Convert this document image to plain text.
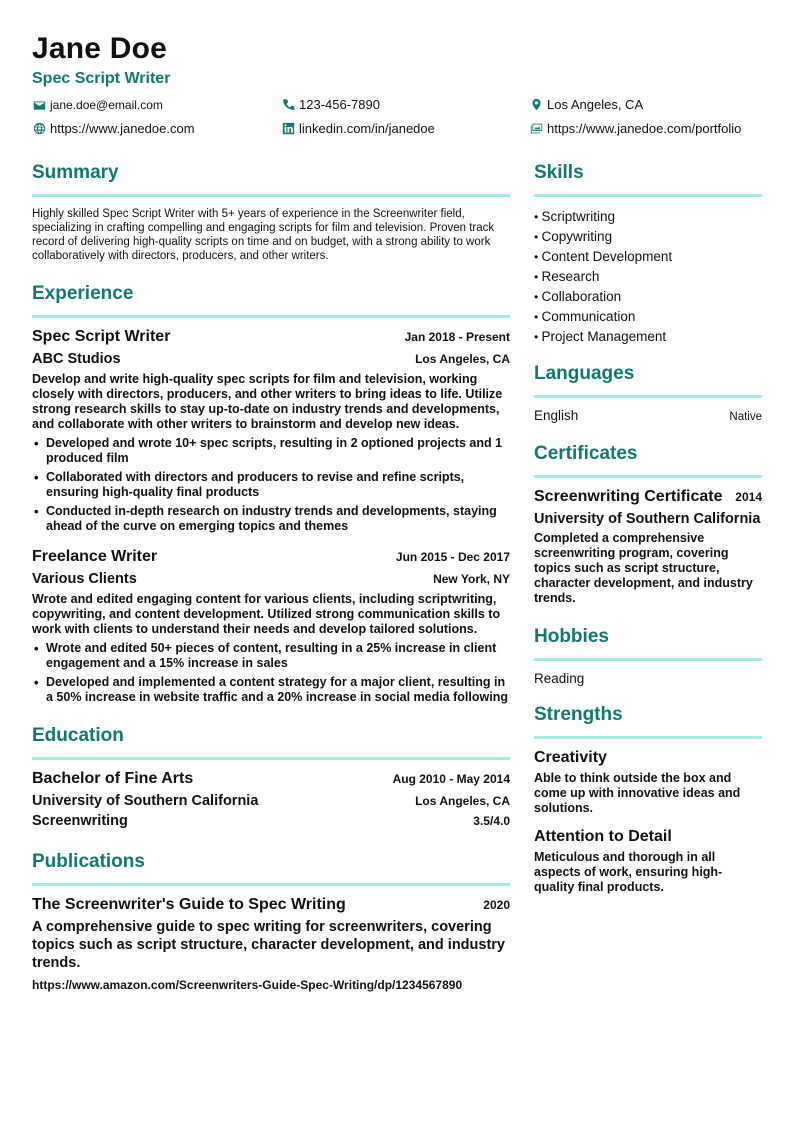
Jane Doe
Spec Script Writer
jane.doe@email.com	123-456-7890	Los Angeles, CA
https://www.janedoe.com	linkedin.com/in/janedoe	https://www.janedoe.com/portfolio
Summary
Highly skilled Spec Script Writer with 5+ years of experience in the Screenwriter field, specializing in crafting compelling and engaging scripts for film and television. Proven track record of delivering high-quality scripts on time and on budget, with a strong ability to work collaboratively with directors, producers, and other writers.
Experience
Spec Script Writer	Jan 2018 - Present
ABC Studios	Los Angeles, CA
Develop and write high-quality spec scripts for film and television, working closely with directors, producers, and other writers to bring ideas to life. Utilize strong research skills to stay up-to-date on industry trends and developments, and collaborate with other writers to brainstorm and develop new ideas.
• Developed and wrote 10+ spec scripts, resulting in 2 optioned projects and 1 produced film
• Collaborated with directors and producers to revise and refine scripts, ensuring high-quality final products
• Conducted in-depth research on industry trends and developments, staying ahead of the curve on emerging topics and themes
Freelance Writer	Jun 2015 - Dec 2017
Various Clients	New York, NY
Wrote and edited engaging content for various clients, including scriptwriting, copywriting, and content development. Utilized strong communication skills to work with clients to understand their needs and develop tailored solutions.
• Wrote and edited 50+ pieces of content, resulting in a 25% increase in client engagement and a 15% increase in sales
• Developed and implemented a content strategy for a major client, resulting in a 50% increase in website traffic and a 20% increase in social media following
Education
Bachelor of Fine Arts	Aug 2010 - May 2014
University of Southern California	Los Angeles, CA
Screenwriting	3.5/4.0
Publications
The Screenwriter's Guide to Spec Writing	2020
A comprehensive guide to spec writing for screenwriters, covering topics such as script structure, character development, and industry trends.
https://www.amazon.com/Screenwriters-Guide-Spec-Writing/dp/1234567890
Skills
• Scriptwriting
• Copywriting
• Content Development
• Research
• Collaboration
• Communication
• Project Management
Languages
English	Native
Certificates
Screenwriting Certificate 2014
University of Southern California
Completed a comprehensive screenwriting program, covering topics such as script structure, character development, and industry trends.
Hobbies
Reading
Strengths
Creativity
Able to think outside the box and come up with innovative ideas and solutions.
Attention to Detail
Meticulous and thorough in all aspects of work, ensuring high-quality final products.
